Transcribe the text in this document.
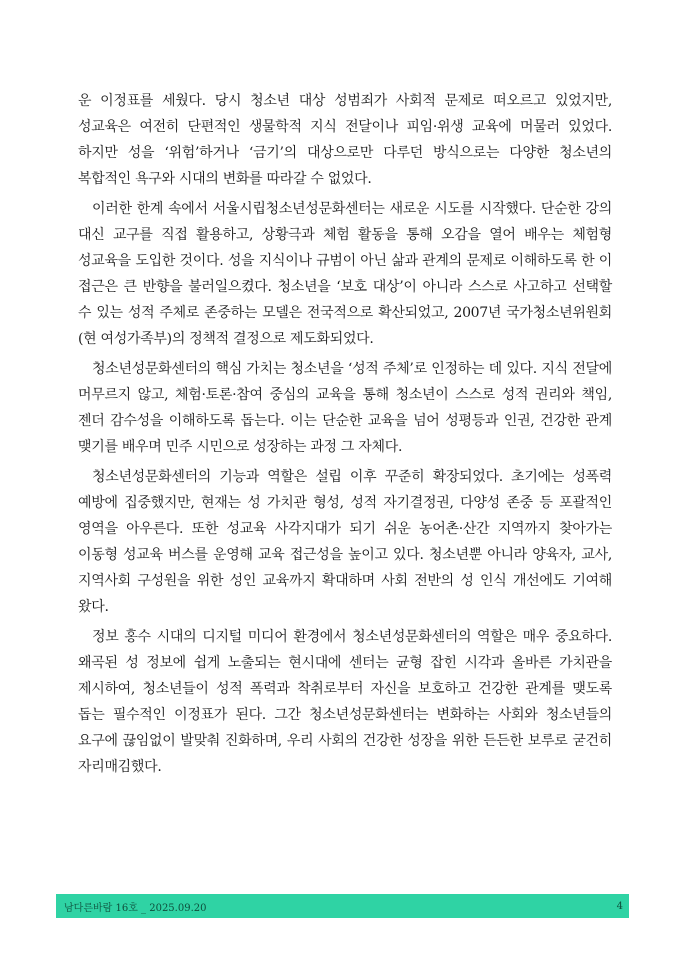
운 이정표를 세웠다. 당시 청소년 대상 성범죄가 사회적 문제로 떠오르고 있었지만, 성교육은 여전히 단편적인 생물학적 지식 전달이나 피임·위생 교육에 머물러 있었다. 하지만 성을 ‘위험’하거나 ‘금기’의 대상으로만 다루던 방식으로는 다양한 청소년의 복합적인 욕구와 시대의 변화를 따라갈 수 없었다.

이러한 한계 속에서 서울시립청소년성문화센터는 새로운 시도를 시작했다. 단순한 강의 대신 교구를 직접 활용하고, 상황극과 체험 활동을 통해 오감을 열어 배우는 체험형 성교육을 도입한 것이다. 성을 지식이나 규범이 아닌 삶과 관계의 문제로 이해하도록 한 이 접근은 큰 반향을 불러일으켰다. 청소년을 ‘보호 대상’이 아니라 스스로 사고하고 선택할 수 있는 성적 주체로 존중하는 모델은 전국적으로 확산되었고, 2007년 국가청소년위원회(현 여성가족부)의 정책적 결정으로 제도화되었다.

청소년성문화센터의 핵심 가치는 청소년을 ‘성적 주체’로 인정하는 데 있다. 지식 전달에 머무르지 않고, 체험·토론·참여 중심의 교육을 통해 청소년이 스스로 성적 권리와 책임, 젠더 감수성을 이해하도록 돕는다. 이는 단순한 교육을 넘어 성평등과 인권, 건강한 관계 맺기를 배우며 민주 시민으로 성장하는 과정 그 자체다.

청소년성문화센터의 기능과 역할은 설립 이후 꾸준히 확장되었다. 초기에는 성폭력 예방에 집중했지만, 현재는 성 가치관 형성, 성적 자기결정권, 다양성 존중 등 포괄적인 영역을 아우른다. 또한 성교육 사각지대가 되기 쉬운 농어촌·산간 지역까지 찾아가는 이동형 성교육 버스를 운영해 교육 접근성을 높이고 있다. 청소년뿐 아니라 양육자, 교사, 지역사회 구성원을 위한 성인 교육까지 확대하며 사회 전반의 성 인식 개선에도 기여해 왔다.

정보 홍수 시대의 디지털 미디어 환경에서 청소년성문화센터의 역할은 매우 중요하다. 왜곡된 성 정보에 쉽게 노출되는 현시대에 센터는 균형 잡힌 시각과 올바른 가치관을 제시하여, 청소년들이 성적 폭력과 착취로부터 자신을 보호하고 건강한 관계를 맺도록 돕는 필수적인 이정표가 된다. 그간 청소년성문화센터는 변화하는 사회와 청소년들의 요구에 끊임없이 발맞춰 진화하며, 우리 사회의 건강한 성장을 위한 든든한 보루로 굳건히 자리매김했다.

남다른바람 16호 _ 2025.09.20	4
